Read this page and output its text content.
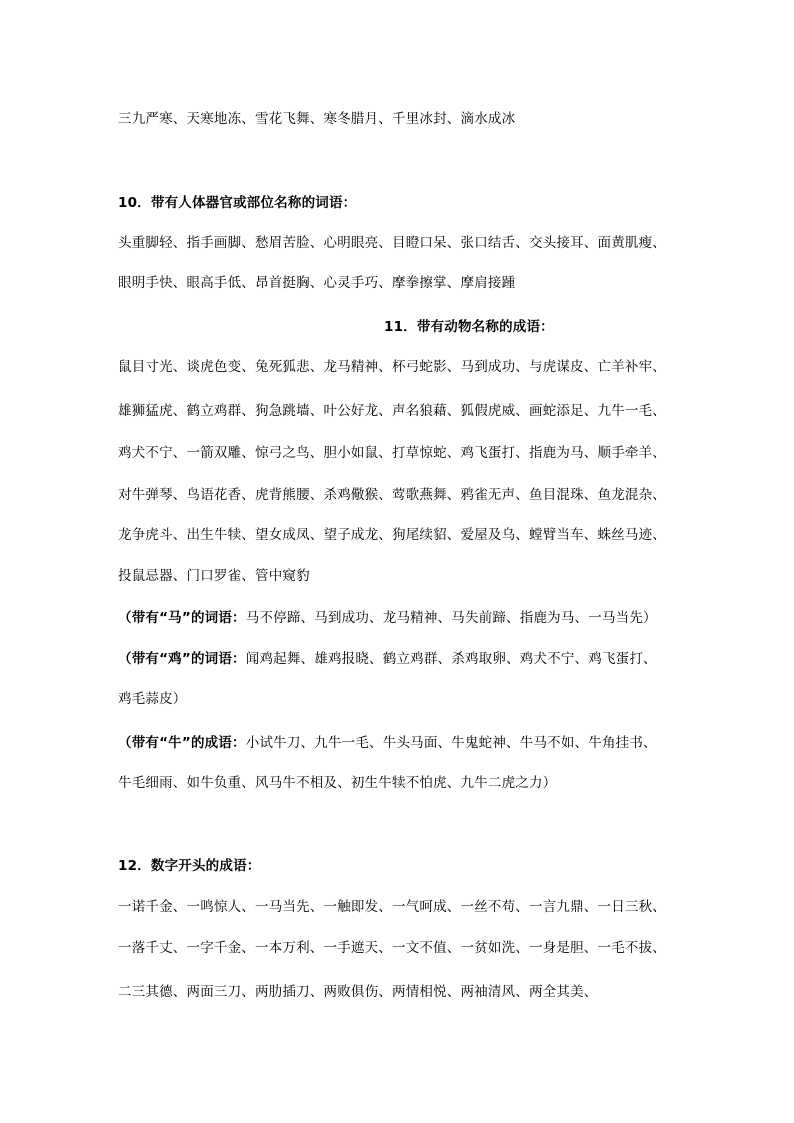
三九严寒、天寒地冻、雪花飞舞、寒冬腊月、千里冰封、滴水成冰
10．带有人体器官或部位名称的词语：
头重脚轻、指手画脚、愁眉苦脸、心明眼亮、目瞪口呆、张口结舌、交头接耳、面黄肌瘦、
眼明手快、眼高手低、昂首挺胸、心灵手巧、摩拳擦掌、摩肩接踵
11．带有动物名称的成语：
鼠目寸光、谈虎色变、兔死狐悲、龙马精神、杯弓蛇影、马到成功、与虎谋皮、亡羊补牢、
雄狮猛虎、鹤立鸡群、狗急跳墙、叶公好龙、声名狼藉、狐假虎威、画蛇添足、九牛一毛、
鸡犬不宁、一箭双雕、惊弓之鸟、胆小如鼠、打草惊蛇、鸡飞蛋打、指鹿为马、顺手牵羊、
对牛弹琴、鸟语花香、虎背熊腰、杀鸡儆猴、莺歌燕舞、鸦雀无声、鱼目混珠、鱼龙混杂、
龙争虎斗、出生牛犊、望女成凤、望子成龙、狗尾续貂、爱屋及乌、螳臂当车、蛛丝马迹、
投鼠忌器、门口罗雀、管中窥豹
（带有“马”的词语：马不停蹄、马到成功、龙马精神、马失前蹄、指鹿为马、一马当先）
（带有“鸡”的词语：闻鸡起舞、雄鸡报晓、鹤立鸡群、杀鸡取卵、鸡犬不宁、鸡飞蛋打、
鸡毛蒜皮）
（带有“牛”的成语：小试牛刀、九牛一毛、牛头马面、牛鬼蛇神、牛马不如、牛角挂书、
牛毛细雨、如牛负重、风马牛不相及、初生牛犊不怕虎、九牛二虎之力）
12．数字开头的成语：
一诺千金、一鸣惊人、一马当先、一触即发、一气呵成、一丝不苟、一言九鼎、一日三秋、
一落千丈、一字千金、一本万利、一手遮天、一文不值、一贫如洗、一身是胆、一毛不拔、
二三其德、两面三刀、两肋插刀、两败俱伤、两情相悦、两袖清风、两全其美、
